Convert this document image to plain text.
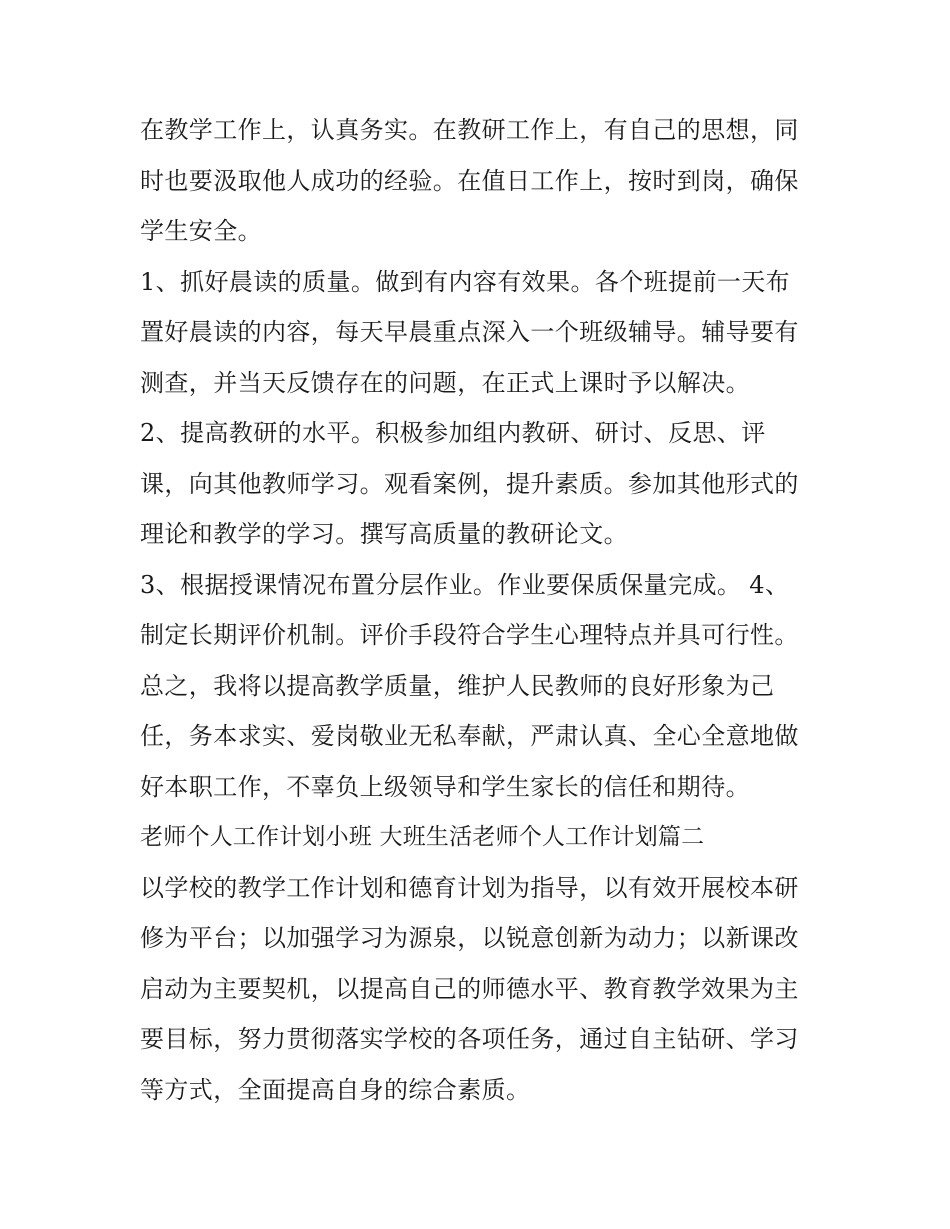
在教学工作上，认真务实。在教研工作上，有自己的思想，同
时也要汲取他人成功的经验。在值日工作上，按时到岗，确保
学生安全。
1、抓好晨读的质量。做到有内容有效果。各个班提前一天布
置好晨读的内容，每天早晨重点深入一个班级辅导。辅导要有
测查，并当天反馈存在的问题，在正式上课时予以解决。
2、提高教研的水平。积极参加组内教研、研讨、反思、评
课，向其他教师学习。观看案例，提升素质。参加其他形式的
理论和教学的学习。撰写高质量的教研论文。
3、根据授课情况布置分层作业。作业要保质保量完成。 4、
制定长期评价机制。评价手段符合学生心理特点并具可行性。
总之，我将以提高教学质量，维护人民教师的良好形象为己
任，务本求实、爱岗敬业无私奉献，严肃认真、全心全意地做
好本职工作，不辜负上级领导和学生家长的信任和期待。
老师个人工作计划小班 大班生活老师个人工作计划篇二
以学校的教学工作计划和德育计划为指导，以有效开展校本研
修为平台；以加强学习为源泉，以锐意创新为动力；以新课改
启动为主要契机，以提高自己的师德水平、教育教学效果为主
要目标，努力贯彻落实学校的各项任务，通过自主钻研、学习
等方式，全面提高自身的综合素质。
